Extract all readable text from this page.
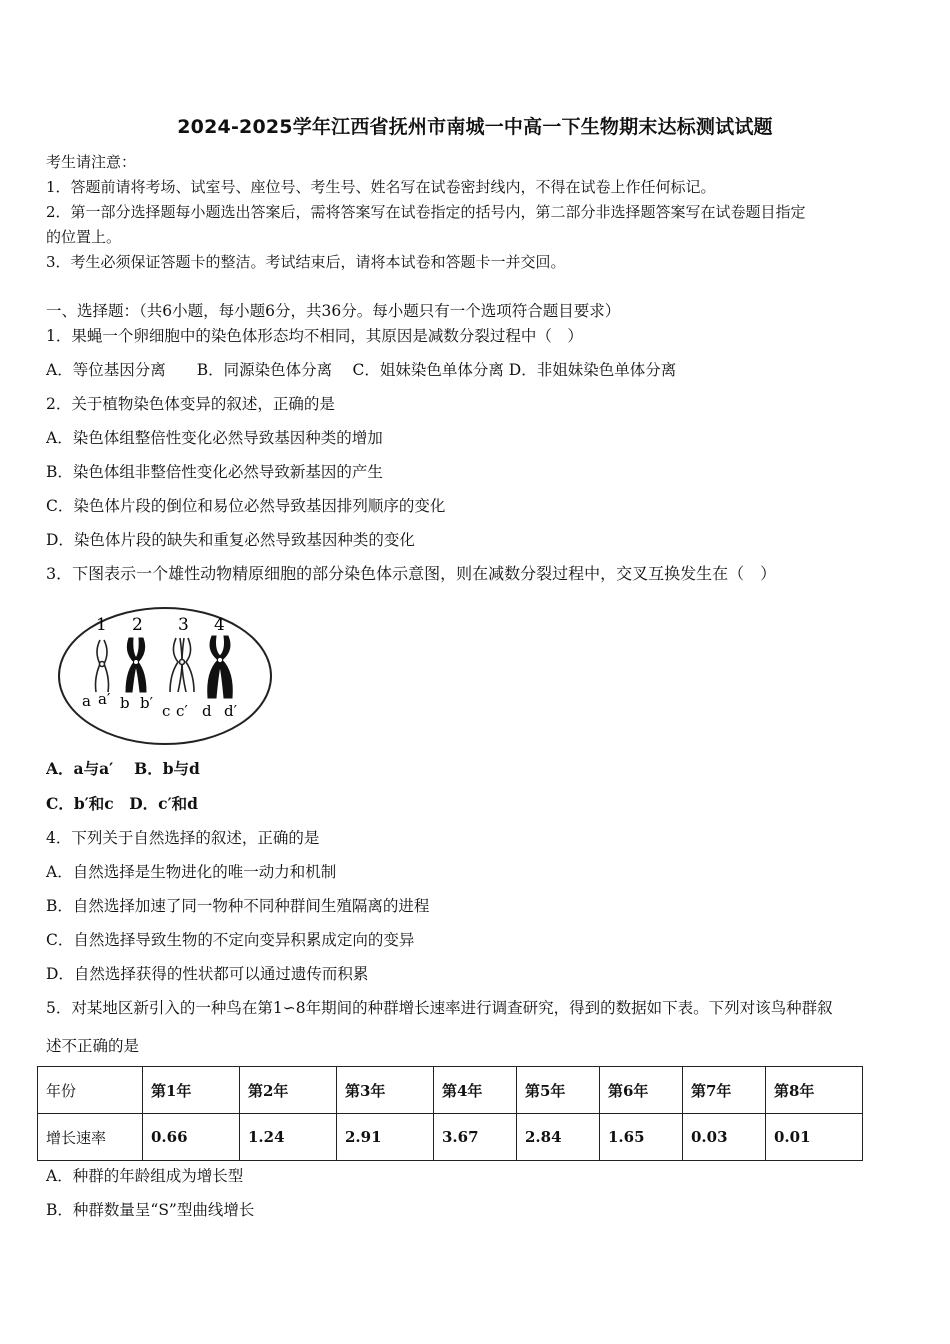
2024-2025学年江西省抚州市南城一中高一下生物期末达标测试试题
考生请注意：
1．答题前请将考场、试室号、座位号、考生号、姓名写在试卷密封线内，不得在试卷上作任何标记。
2．第一部分选择题每小题选出答案后，需将答案写在试卷指定的括号内，第二部分非选择题答案写在试卷题目指定
的位置上。
3．考生必须保证答题卡的整洁。考试结束后，请将本试卷和答题卡一并交回。
一、选择题：（共6小题，每小题6分，共36分。每小题只有一个选项符合题目要求）
1．果蝇一个卵细胞中的染色体形态均不相同，其原因是减数分裂过程中（　）
A．等位基因分离　　B．同源染色体分离　 C．姐妹染色单体分离 D．非姐妹染色单体分离
2．关于植物染色体变异的叙述，正确的是
A．染色体组整倍性变化必然导致基因种类的增加
B．染色体组非整倍性变化必然导致新基因的产生
C．染色体片段的倒位和易位必然导致基因排列顺序的变化
D．染色体片段的缺失和重复必然导致基因种类的变化
3．下图表示一个雄性动物精原细胞的部分染色体示意图，则在减数分裂过程中，交叉互换发生在（　）
1 2 3 4
a a′ b b′ c c′ d d′
A．a与a′　 B．b与d
C．b′和c　D．c′和d
4．下列关于自然选择的叙述，正确的是
A．自然选择是生物进化的唯一动力和机制
B．自然选择加速了同一物种不同种群间生殖隔离的进程
C．自然选择导致生物的不定向变异积累成定向的变异
D．自然选择获得的性状都可以通过遗传而积累
5．对某地区新引入的一种鸟在第1∽8年期间的种群增长速率进行调查研究，得到的数据如下表。下列对该鸟种群叙
述不正确的是
年份	第1年	第2年	第3年	第4年	第5年	第6年	第7年	第8年
增长速率	0.66	1.24	2.91	3.67	2.84	1.65	0.03	0.01
A．种群的年龄组成为增长型
B．种群数量呈“S”型曲线增长
